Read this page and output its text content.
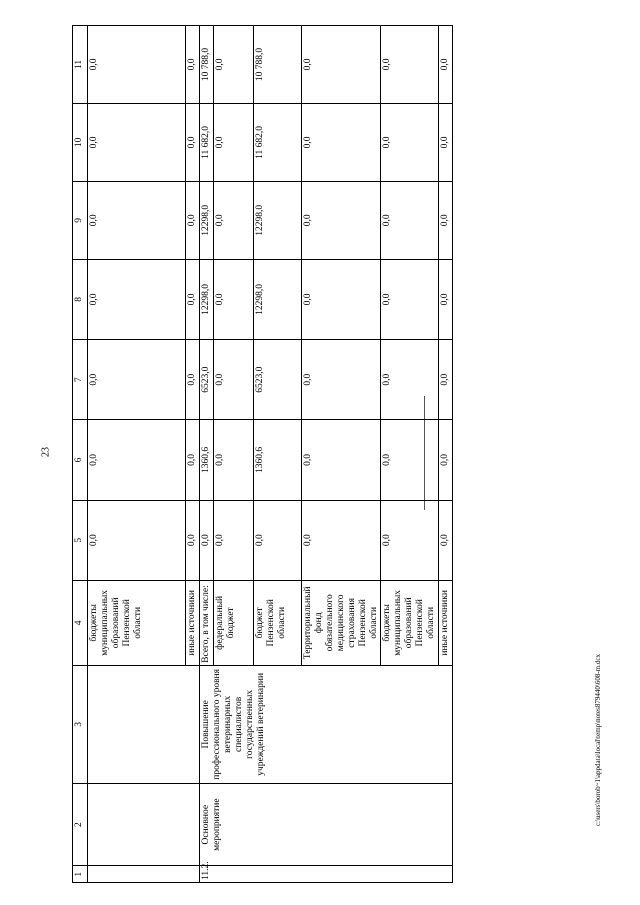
23
c:\users\borob~1\appdata\local\temp\notes879440\608-m.dсx
1	2	3	4	5	6	7	8	9	10	11
			бюджеты муниципальных образований Пензенской области	0,0	0,0	0,0	0,0	0,0	0,0	0,0
			иные источники	0,0	0,0	0,0	0,0	0,0	0,0	0,0
11.2.	Основное мероприятие	Повышение профессионального уровня ветеринарных специалистов государственных учреждений ветеринарии	Всего, в том числе:	0,0	1360,6	6523,0	12298,0	12298,0	11 682,0	10 788,0
			федеральный бюджет	0,0	0,0	0,0	0,0	0,0	0,0	0,0
			бюджет Пензенской области	0,0	1360,6	6523,0	12298,0	12298,0	11 682,0	10 788,0
			Территориальный фонд обязательного медицинского страхования Пензенской области	0,0	0,0	0,0	0,0	0,0	0,0	0,0
			бюджеты муниципальных образований Пензенской области	0,0	0,0	0,0	0,0	0,0	0,0	0,0
			иные источники	0,0	0,0	0,0	0,0	0,0	0,0	0,0
